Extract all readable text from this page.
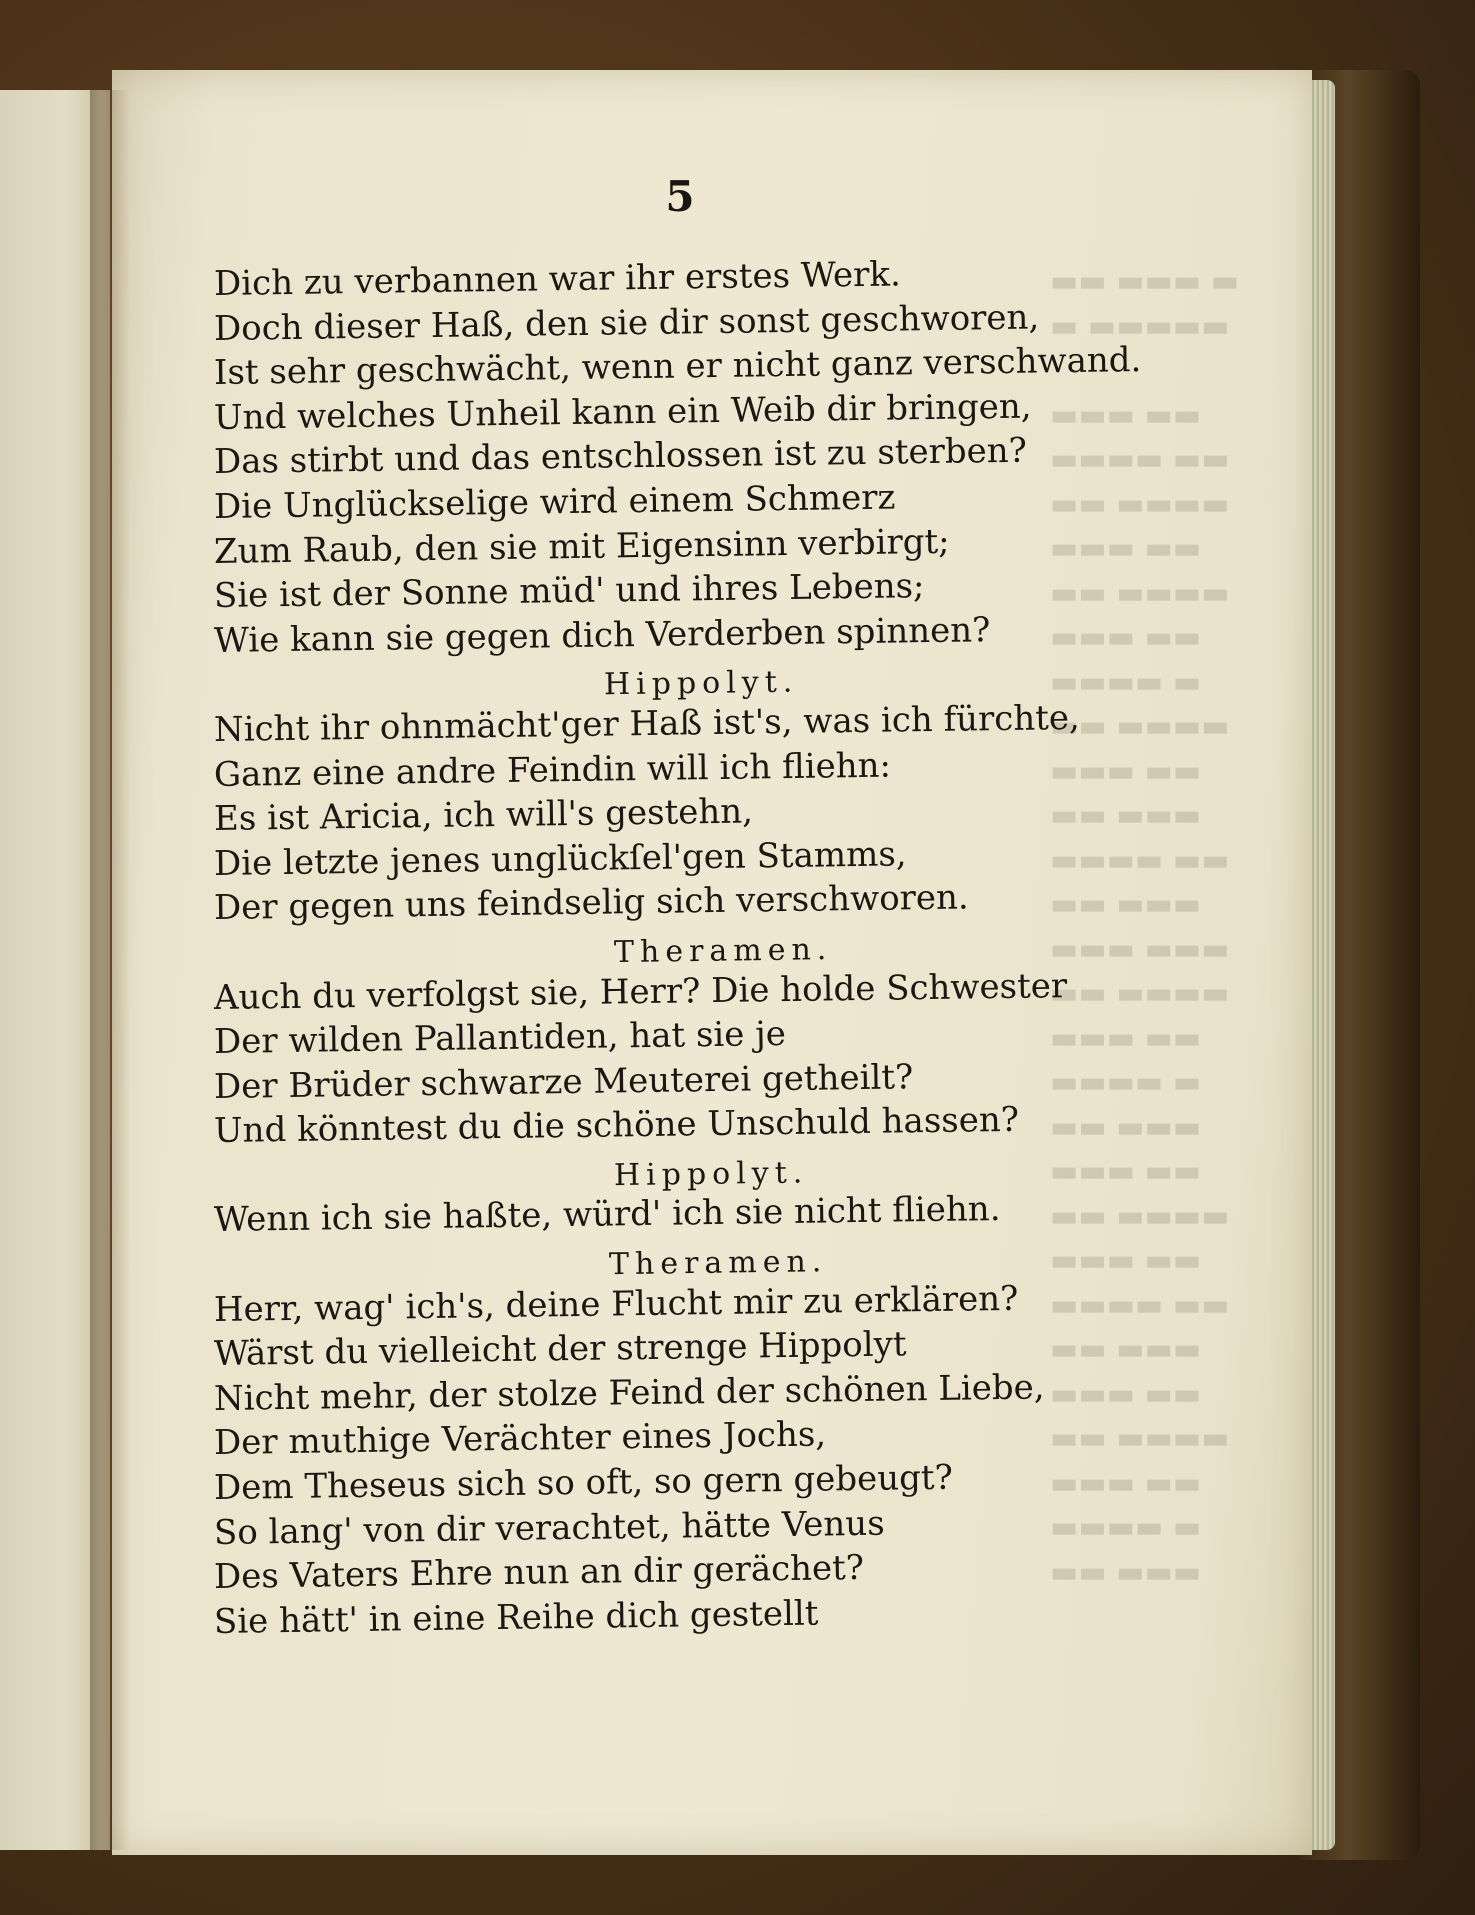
▬▬ ▬▬▬ ▬
▬ ▬▬▬▬▬
▬▬▬ ▬▬
▬▬▬▬ ▬▬
▬▬ ▬▬▬▬
▬▬▬ ▬▬
▬▬ ▬▬▬▬
▬▬▬ ▬▬
▬▬▬▬ ▬
▬▬ ▬▬▬▬
▬▬▬ ▬▬
▬▬ ▬▬▬
▬▬▬▬ ▬▬
▬▬ ▬▬▬
▬▬▬ ▬▬▬
▬▬ ▬▬▬▬
▬▬▬ ▬▬
▬▬▬▬ ▬
▬▬ ▬▬▬
▬▬▬ ▬▬
▬▬ ▬▬▬▬
▬▬▬ ▬▬
▬▬▬▬ ▬▬
▬▬ ▬▬▬
▬▬▬ ▬▬
▬▬ ▬▬▬▬
▬▬▬ ▬▬
▬▬▬▬ ▬
▬▬ ▬▬▬
5
Dich zu verbannen war ihr erstes Werk.
Doch dieser Haß, den sie dir sonst geschworen,
Ist sehr geschwächt, wenn er nicht ganz verschwand.
Und welches Unheil kann ein Weib dir bringen,
Das stirbt und das entschlossen ist zu sterben?
Die Unglückselige wird einem Schmerz
Zum Raub, den sie mit Eigensinn verbirgt;
Sie ist der Sonne müd' und ihres Lebens;
Wie kann sie gegen dich Verderben spinnen?
Hippolyt.
Nicht ihr ohnmächt'ger Haß ist's, was ich fürchte,
Ganz eine andre Feindin will ich fliehn:
Es ist Aricia, ich will's gestehn,
Die letzte jenes unglückſel'gen Stamms,
Der gegen uns feindselig sich verschworen.
Theramen.
Auch du verfolgst sie, Herr? Die holde Schwester
Der wilden Pallantiden, hat sie je
Der Brüder schwarze Meuterei getheilt?
Und könntest du die schöne Unschuld hassen?
Hippolyt.
Wenn ich sie haßte, würd' ich sie nicht fliehn.
Theramen.
Herr, wag' ich's, deine Flucht mir zu erklären?
Wärst du vielleicht der strenge Hippolyt
Nicht mehr, der stolze Feind der schönen Liebe,
Der muthige Verächter eines Jochs,
Dem Theseus sich so oft, so gern gebeugt?
So lang' von dir verachtet, hätte Venus
Des Vaters Ehre nun an dir gerächet?
Sie hätt' in eine Reihe dich gestellt
